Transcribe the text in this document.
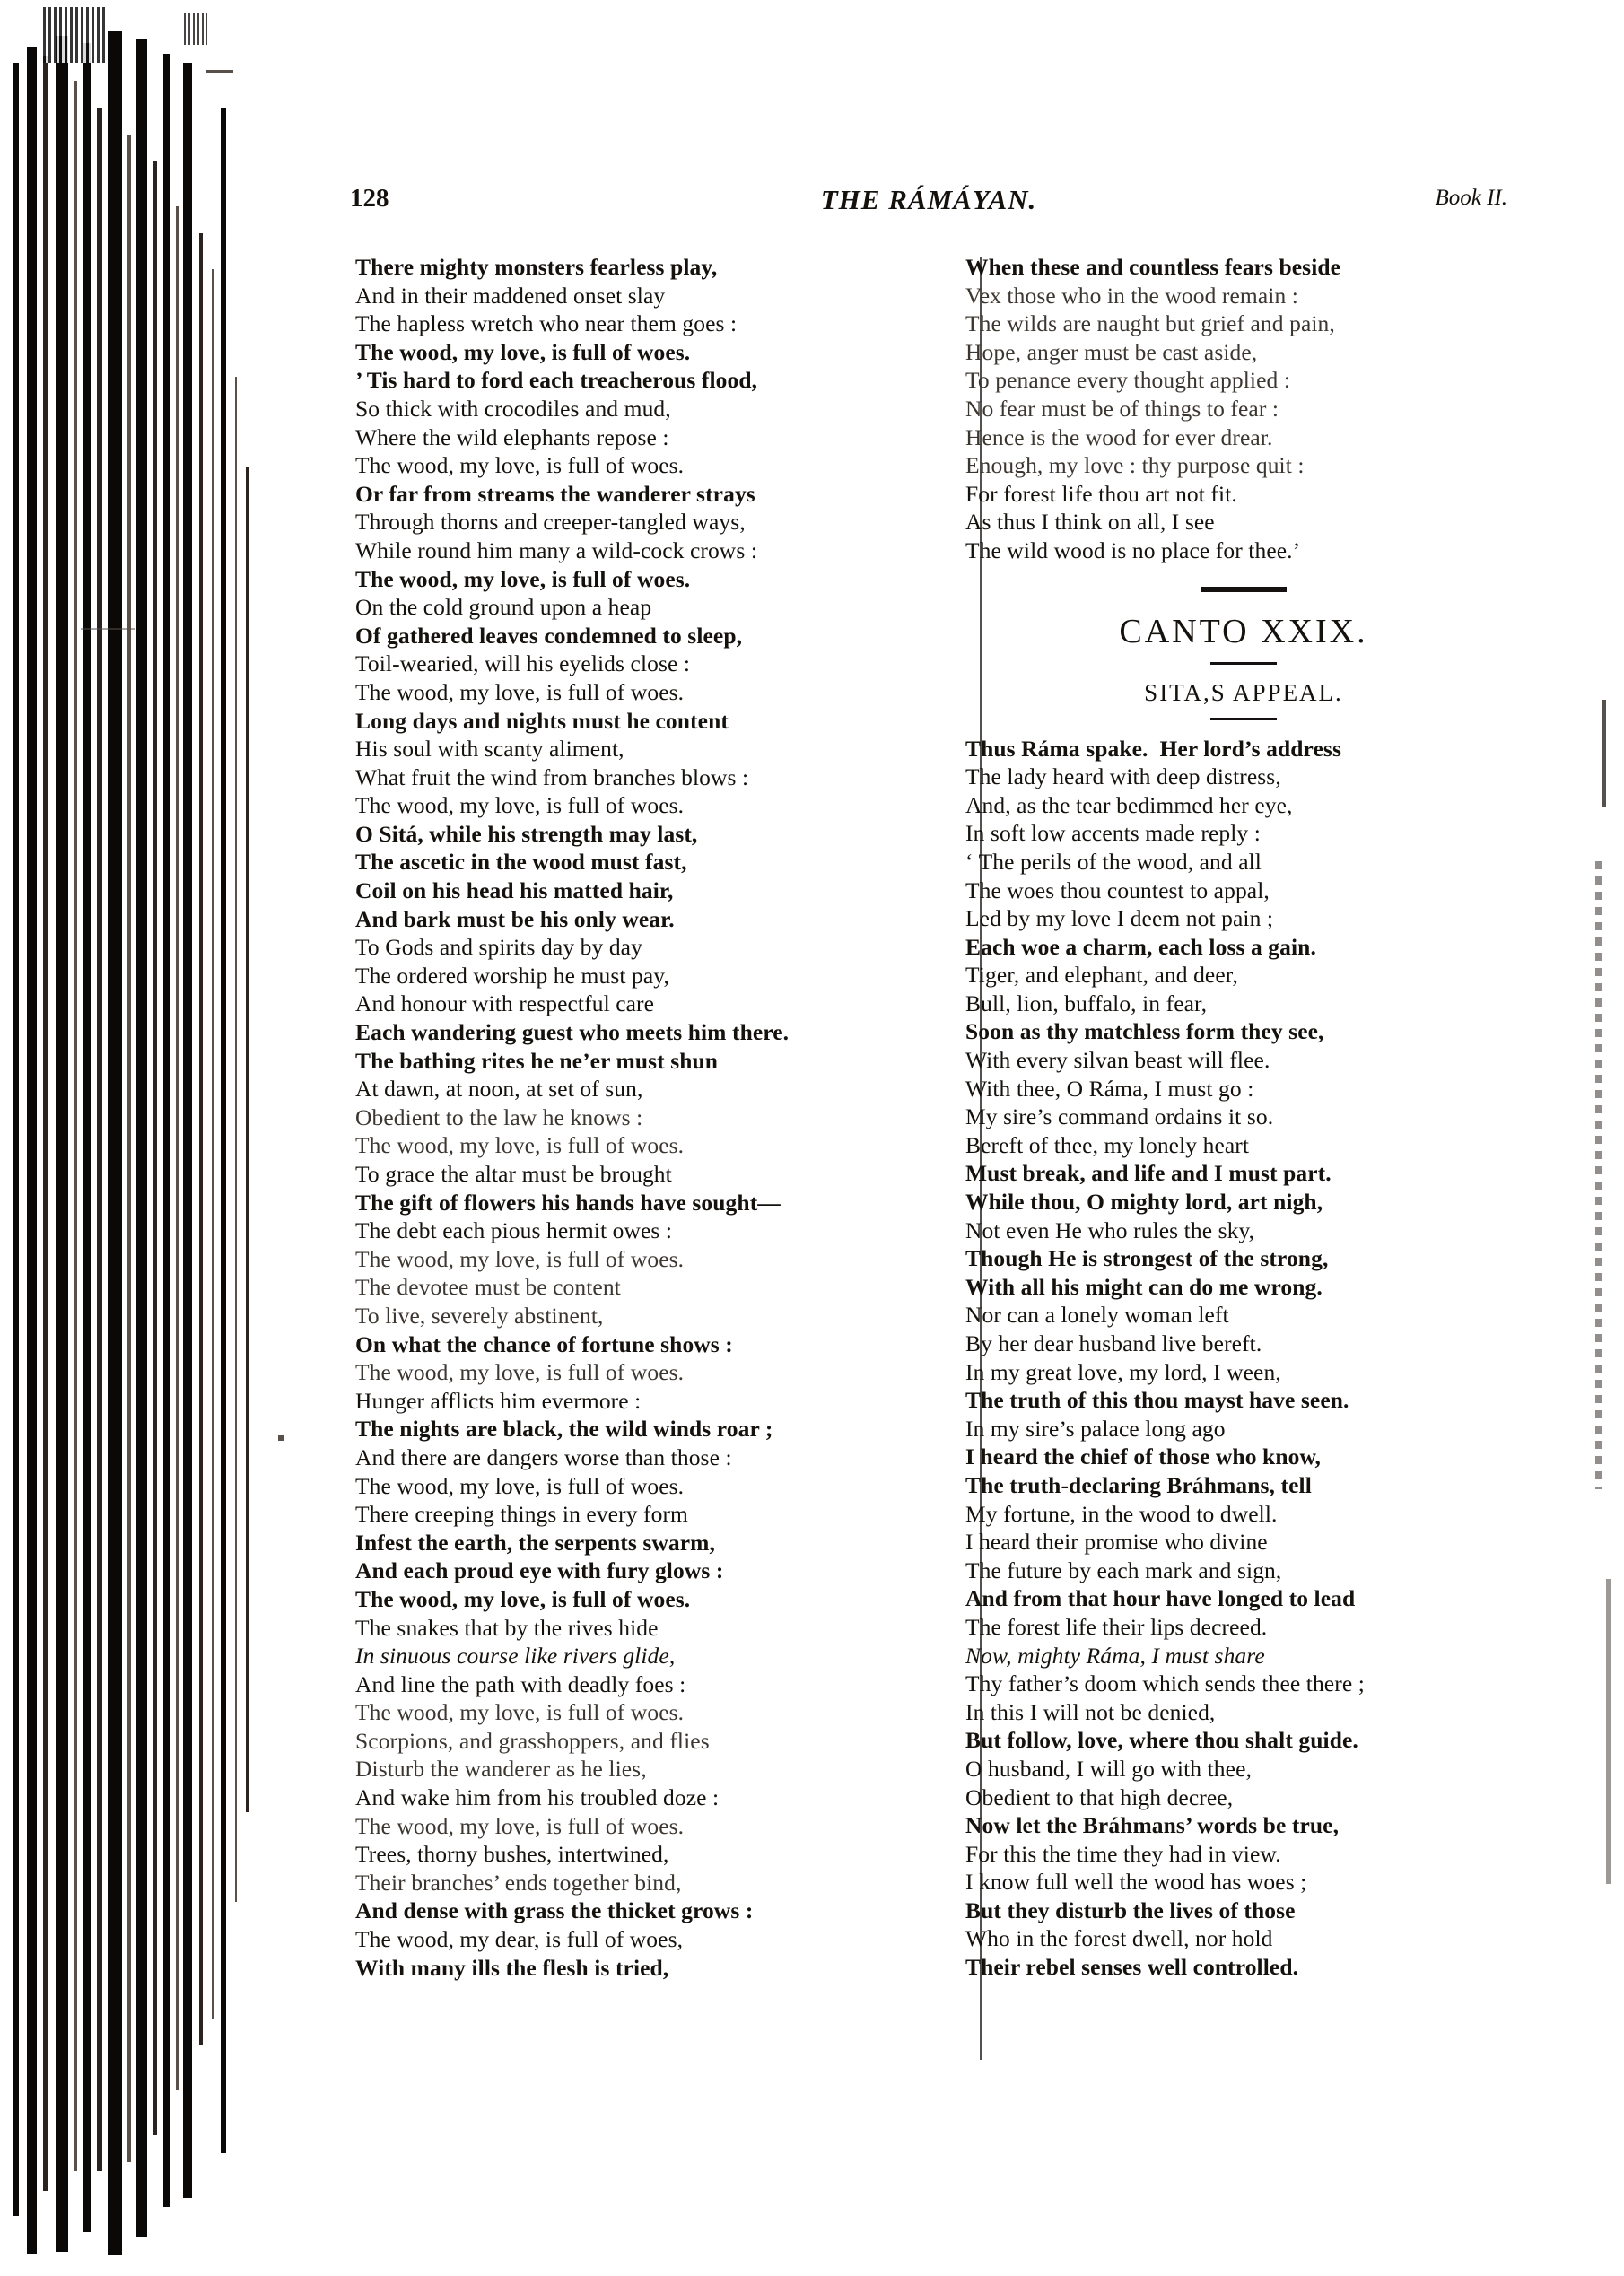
128	THE RÁMÁYAN.	Book II.
There mighty monsters fearless play,
And in their maddened onset slay
The hapless wretch who near them goes :
The wood, my love, is full of woes.
’ Tis hard to ford each treacherous flood,
So thick with crocodiles and mud,
Where the wild elephants repose :
The wood, my love, is full of woes.
Or far from streams the wanderer strays
Through thorns and creeper-tangled ways,
While round him many a wild-cock crows :
The wood, my love, is full of woes.
On the cold ground upon a heap
Of gathered leaves condemned to sleep,
Toil-wearied, will his eyelids close :
The wood, my love, is full of woes.
Long days and nights must he content
His soul with scanty aliment,
What fruit the wind from branches blows :
The wood, my love, is full of woes.
O Sitá, while his strength may last,
The ascetic in the wood must fast,
Coil on his head his matted hair,
And bark must be his only wear.
To Gods and spirits day by day
The ordered worship he must pay,
And honour with respectful care
Each wandering guest who meets him there.
The bathing rites he ne’er must shun
At dawn, at noon, at set of sun,
Obedient to the law he knows :
The wood, my love, is full of woes.
To grace the altar must be brought
The gift of flowers his hands have sought—
The debt each pious hermit owes :
The wood, my love, is full of woes.
The devotee must be content
To live, severely abstinent,
On what the chance of fortune shows :
The wood, my love, is full of woes.
Hunger afflicts him evermore :
The nights are black, the wild winds roar ;
And there are dangers worse than those :
The wood, my love, is full of woes.
There creeping things in every form
Infest the earth, the serpents swarm,
And each proud eye with fury glows :
The wood, my love, is full of woes.
The snakes that by the rives hide
In sinuous course like rivers glide,
And line the path with deadly foes :
The wood, my love, is full of woes.
Scorpions, and grasshoppers, and flies
Disturb the wanderer as he lies,
And wake him from his troubled doze :
The wood, my love, is full of woes.
Trees, thorny bushes, intertwined,
Their branches’ ends together bind,
And dense with grass the thicket grows :
The wood, my dear, is full of woes,
With many ills the flesh is tried,
When these and countless fears beside
Vex those who in the wood remain :
The wilds are naught but grief and pain,
Hope, anger must be cast aside,
To penance every thought applied :
No fear must be of things to fear :
Hence is the wood for ever drear.
Enough, my love : thy purpose quit :
For forest life thou art not fit.
As thus I think on all, I see
The wild wood is no place for thee.’
CANTO XXIX.
SITA,S APPEAL.
Thus Ráma spake.  Her lord’s address
The lady heard with deep distress,
And, as the tear bedimmed her eye,
In soft low accents made reply :
‘ The perils of the wood, and all
The woes thou countest to appal,
Led by my love I deem not pain ;
Each woe a charm, each loss a gain.
Tiger, and elephant, and deer,
Bull, lion, buffalo, in fear,
Soon as thy matchless form they see,
With every silvan beast will flee.
With thee, O Ráma, I must go :
My sire’s command ordains it so.
Bereft of thee, my lonely heart
Must break, and life and I must part.
While thou, O mighty lord, art nigh,
Not even He who rules the sky,
Though He is strongest of the strong,
With all his might can do me wrong.
Nor can a lonely woman left
By her dear husband live bereft.
In my great love, my lord, I ween,
The truth of this thou mayst have seen.
In my sire’s palace long ago
I heard the chief of those who know,
The truth-declaring Bráhmans, tell
My fortune, in the wood to dwell.
I heard their promise who divine
The future by each mark and sign,
And from that hour have longed to lead
The forest life their lips decreed.
Now, mighty Ráma, I must share
Thy father’s doom which sends thee there ;
In this I will not be denied,
But follow, love, where thou shalt guide.
O husband, I will go with thee,
Obedient to that high decree,
Now let the Bráhmans’ words be true,
For this the time they had in view.
I know full well the wood has woes ;
But they disturb the lives of those
Who in the forest dwell, nor hold
Their rebel senses well controlled.
